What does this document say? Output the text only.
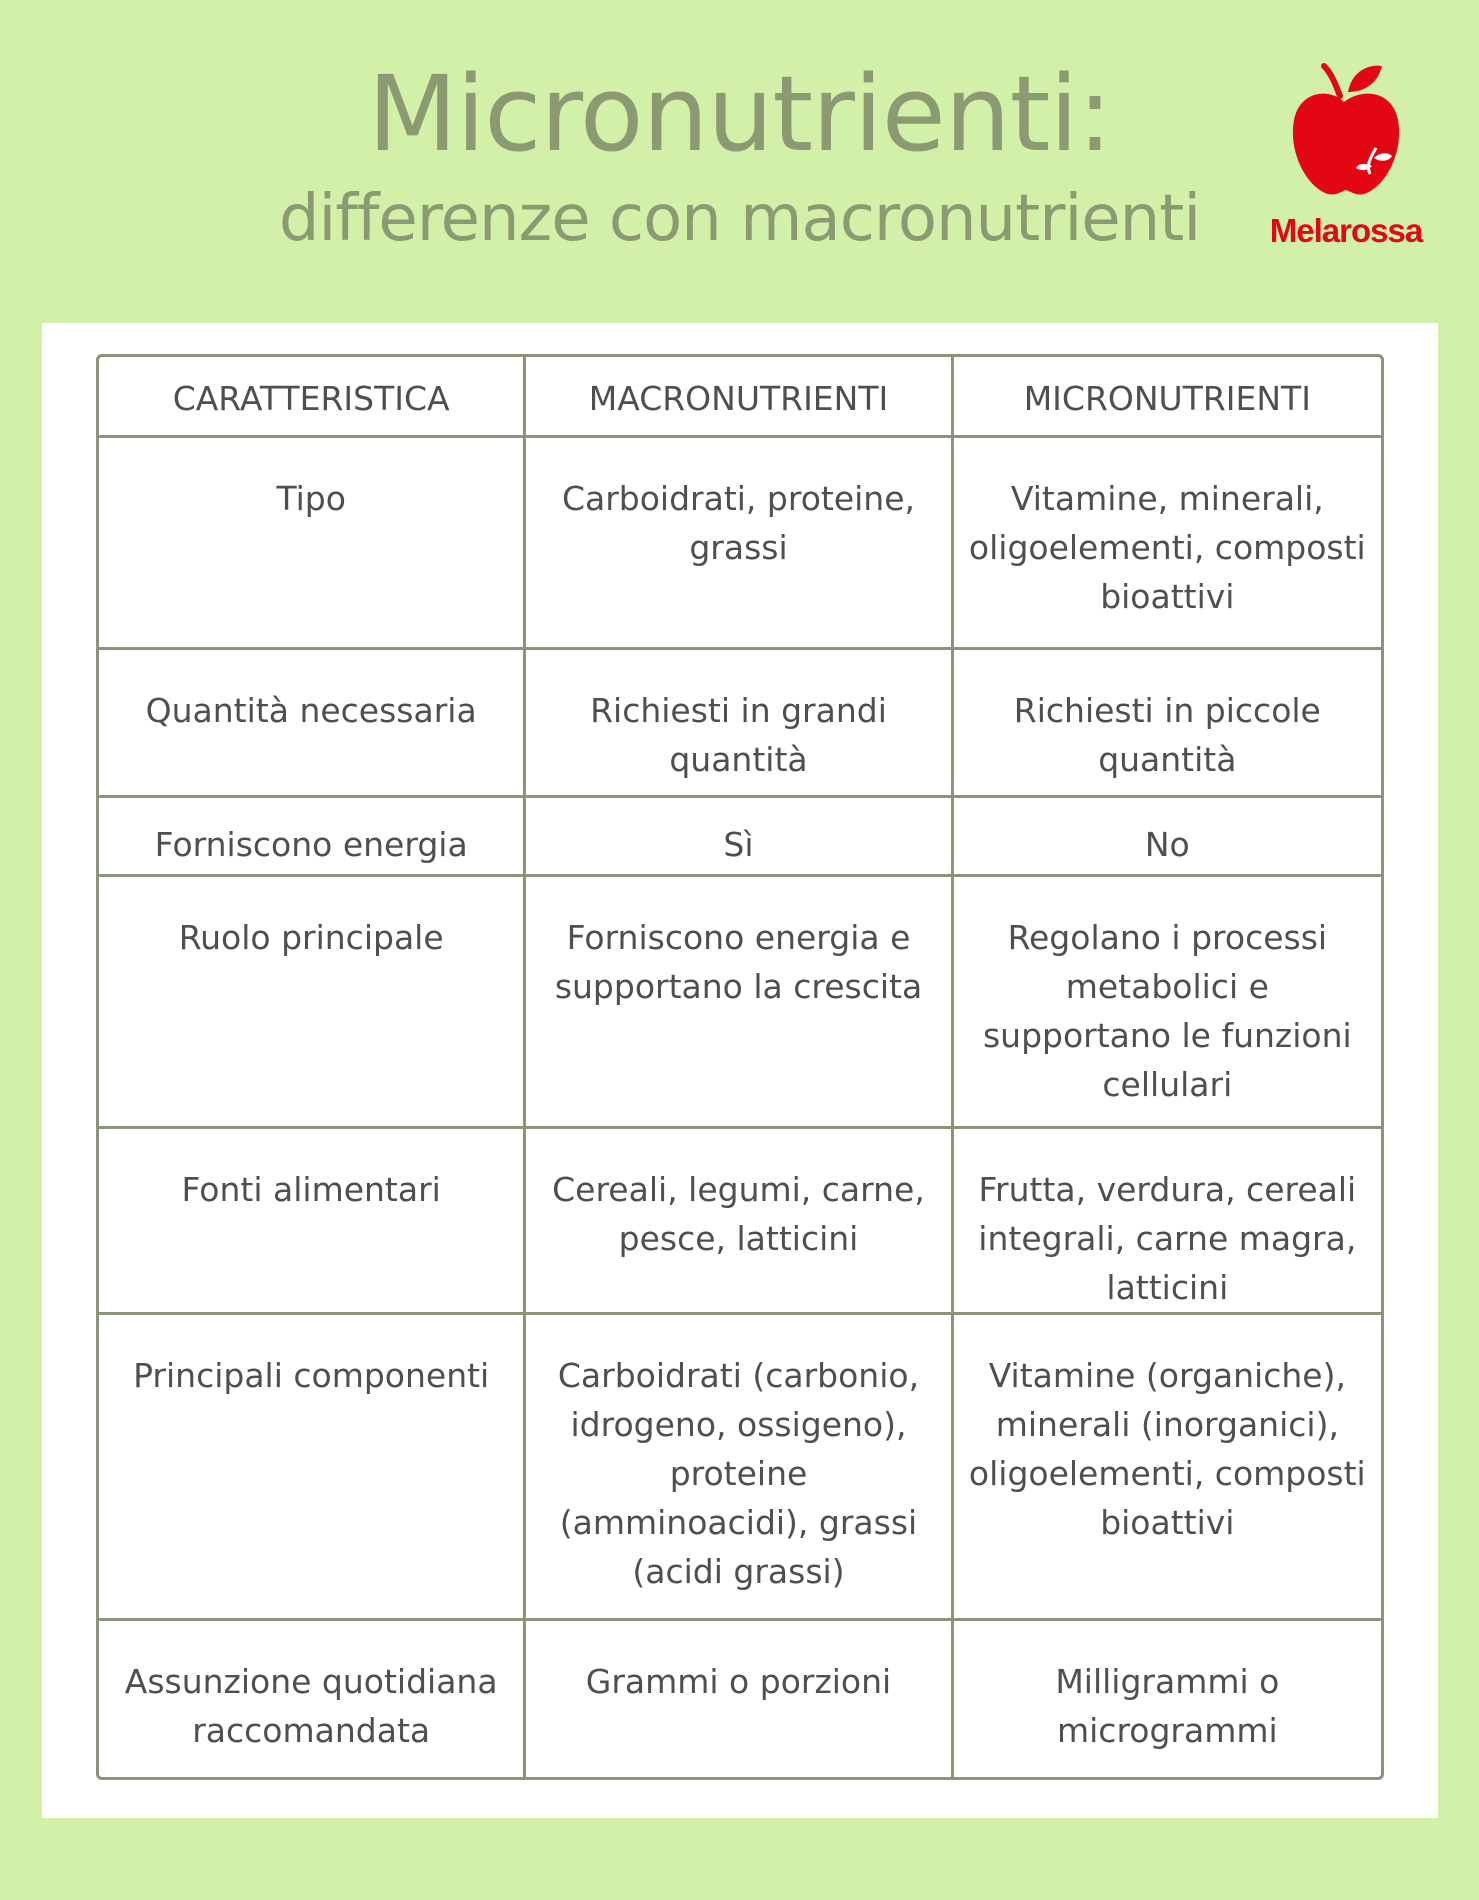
Micronutrienti:
differenze con macronutrienti	Melarossa
CARATTERISTICA	MACRONUTRIENTI	MICRONUTRIENTI
Tipo	Carboidrati, proteine, grassi	Vitamine, minerali, oligoelementi, composti bioattivi
Quantità necessaria	Richiesti in grandi quantità	Richiesti in piccole quantità
Forniscono energia	Sì	No
Ruolo principale	Forniscono energia e supportano la crescita	Regolano i processi metabolici e supportano le funzioni cellulari
Fonti alimentari	Cereali, legumi, carne, pesce, latticini	Frutta, verdura, cereali integrali, carne magra, latticini
Principali componenti	Carboidrati (carbonio, idrogeno, ossigeno), proteine (amminoacidi), grassi (acidi grassi)	Vitamine (organiche), minerali (inorganici), oligoelementi, composti bioattivi
Assunzione quotidiana raccomandata	Grammi o porzioni	Milligrammi o microgrammi
